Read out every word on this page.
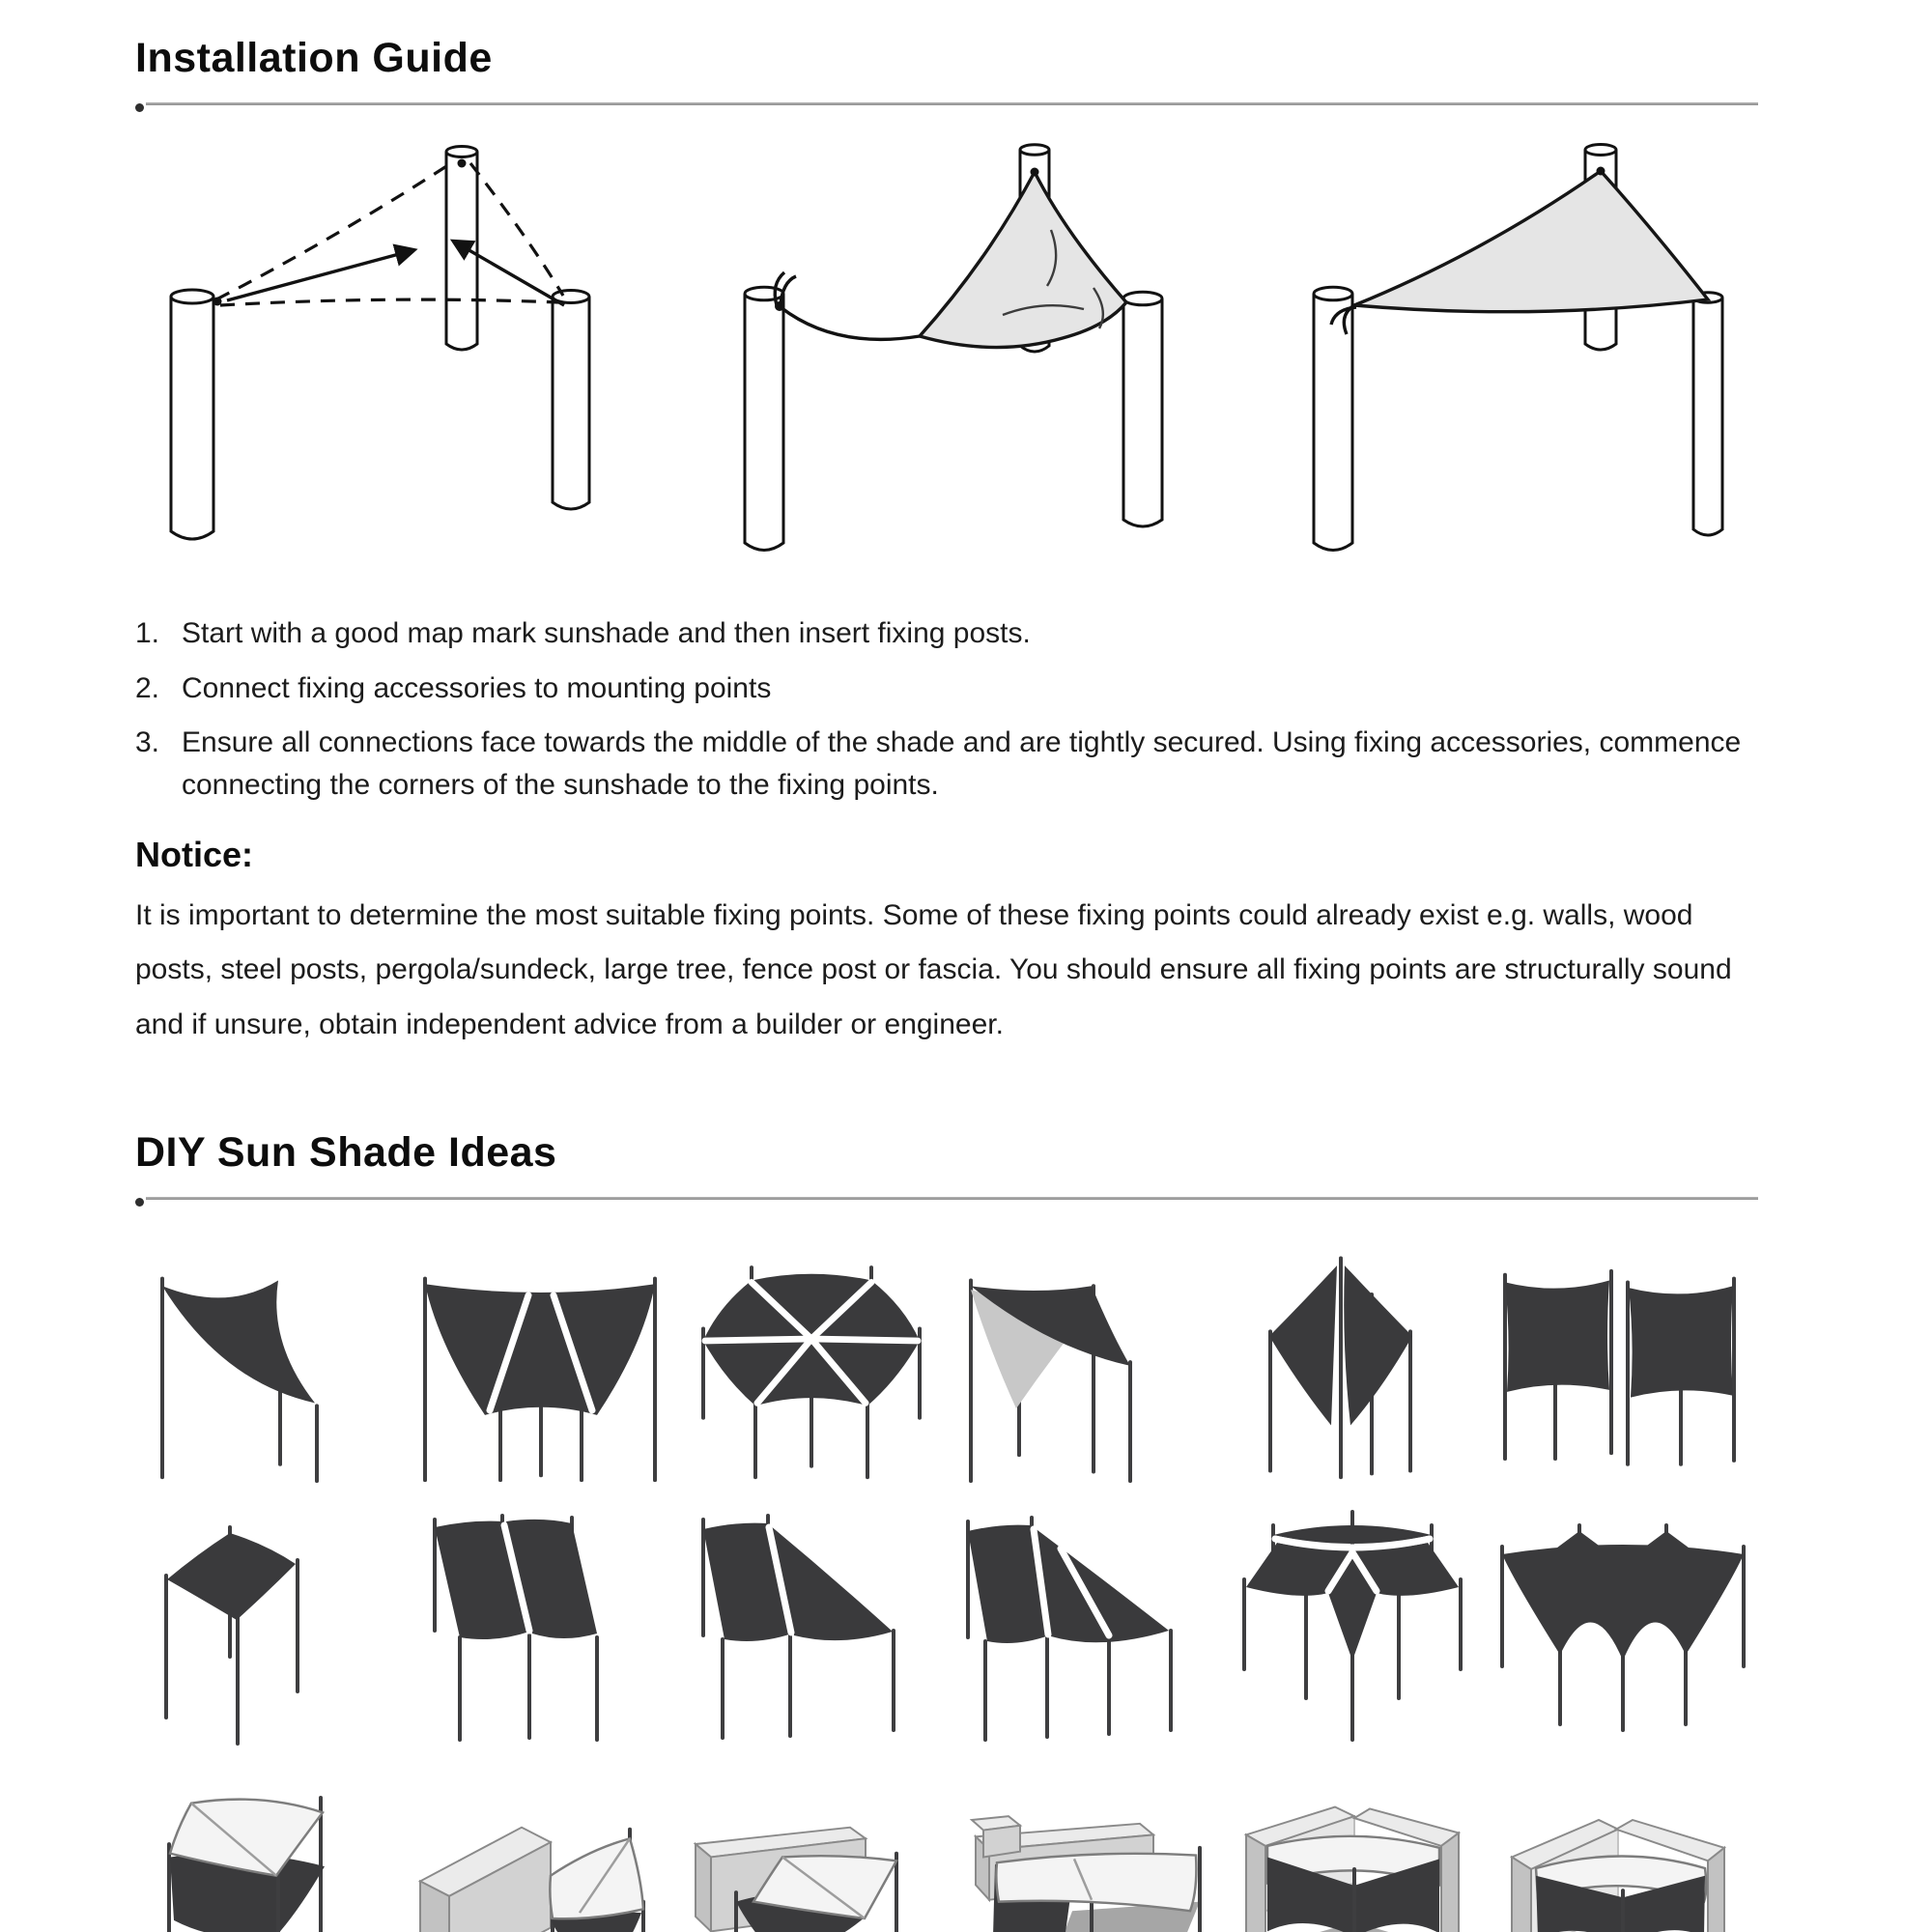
Installation Guide
1. Start with a good map mark sunshade and then insert fixing posts.
2. Connect fixing accessories to mounting points
3. Ensure all connections face towards the middle of the shade and are tightly secured. Using fixing accessories, commence connecting the corners of the sunshade to the fixing points.
Notice:

It is important to determine the most suitable fixing points. Some of these fixing points could already exist e.g. walls, wood posts, steel posts, pergola/sundeck, large tree, fence post or fascia. You should ensure all fixing points are structurally sound and if unsure, obtain independent advice from a builder or engineer.

DIY Sun Shade Ideas
